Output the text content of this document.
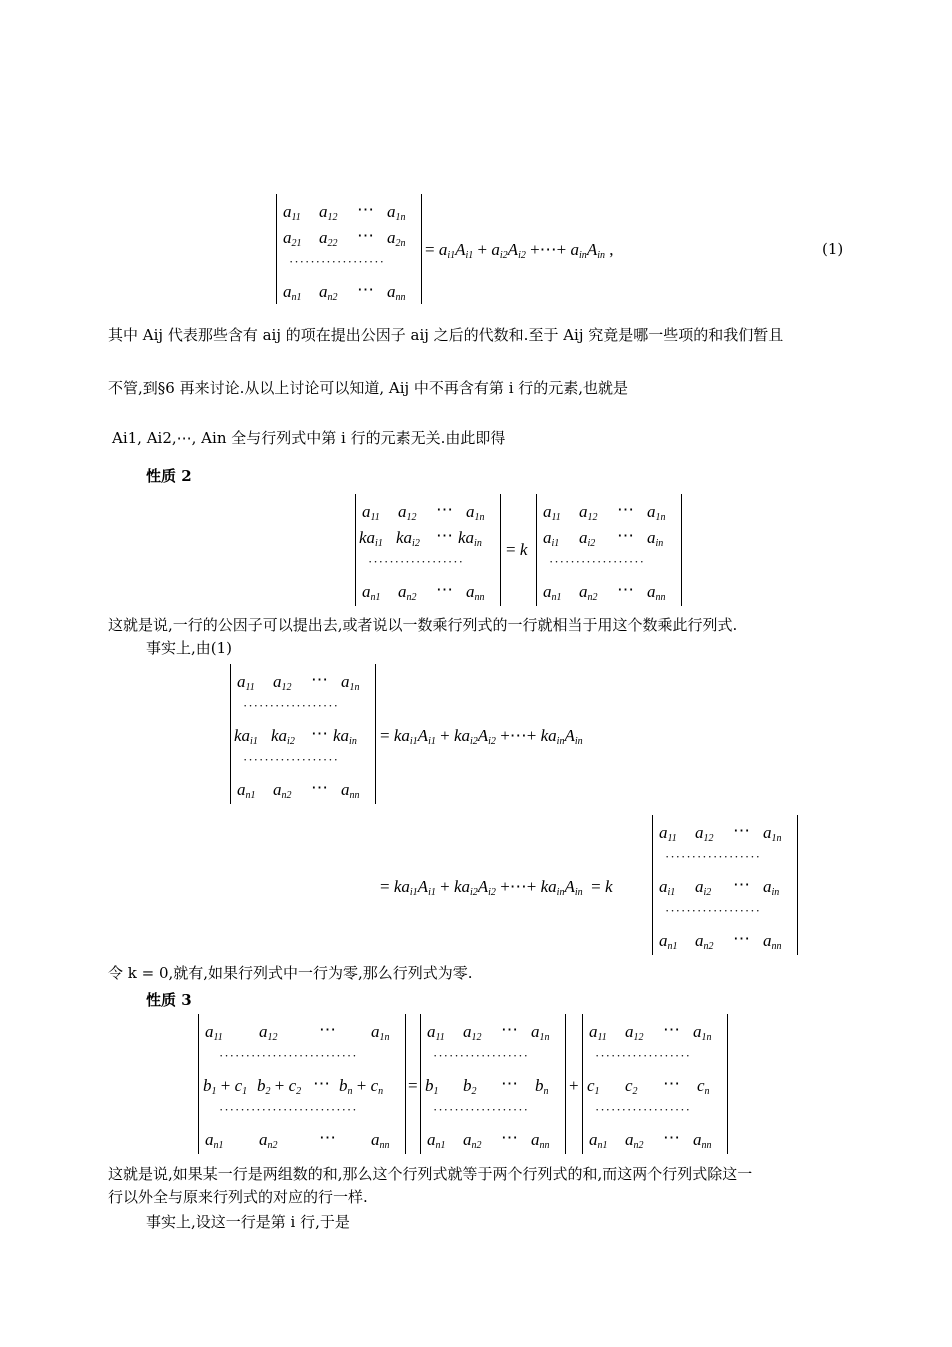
$a_{11}$ $a_{12}$ ⋯ $a_{1n}$
$a_{21}$ $a_{22}$ ⋯ $a_{2n}$
··················
$a_{n1}$ $a_{n2}$ ⋯ $a_{nn}$
= $a_{i1}A_{i1} + a_{i2}A_{i2}$ +⋯+ $a_{in}A_{in}$ ,	(1)
其中 Aij 代表那些含有 aij 的项在提出公因子 aij 之后的代数和.至于 Aij 究竟是哪一些项的和我们暂且
不管,到§6 再来讨论.从以上讨论可以知道, Aij 中不再含有第 i 行的元素,也就是
Ai1, Ai2,⋯, Ain 全与行列式中第 i 行的元素无关.由此即得
性质 2
$a_{11}$ $a_{12}$ ⋯ $a_{1n}$
$ka_{i1}$ $ka_{i2}$ ⋯ $ka_{in}$
··················
$a_{n1}$ $a_{n2}$ ⋯ $a_{nn}$
= k
$a_{11}$ $a_{12}$ ⋯ $a_{1n}$
$a_{i1}$ $a_{i2}$ ⋯ $a_{in}$
··················
$a_{n1}$ $a_{n2}$ ⋯ $a_{nn}$
这就是说,一行的公因子可以提出去,或者说以一数乘行列式的一行就相当于用这个数乘此行列式.
事实上,由(1)
$a_{11}$ $a_{12}$ ⋯ $a_{1n}$
··················
$ka_{i1}$ $ka_{i2}$ ⋯ $ka_{in}$
··················
$a_{n1}$ $a_{n2}$ ⋯ $a_{nn}$
= $ka_{i1}A_{i1} + ka_{i2}A_{i2}$ +⋯+ $ka_{in}A_{in}$
= $ka_{i1}A_{i1} + ka_{i2}A_{i2}$ +⋯+ $ka_{in}A_{in} = k$
$a_{11}$ $a_{12}$ ⋯ $a_{1n}$
··················
$a_{i1}$ $a_{i2}$ ⋯ $a_{in}$
··················
$a_{n1}$ $a_{n2}$ ⋯ $a_{nn}$
令 k = 0,就有,如果行列式中一行为零,那么行列式为零.
性质 3
$a_{11}$ $a_{12}$ ⋯ $a_{1n}$
··························
$b_1 + c_1$ $b_2 + c_2$ ⋯ $b_n + c_n$
··························
$a_{n1}$ $a_{n2}$ ⋯ $a_{nn}$
=
$a_{11}$ $a_{12}$ ⋯ $a_{1n}$
··················
$b_1$ $b_2$ ⋯ $b_n$
··················
$a_{n1}$ $a_{n2}$ ⋯ $a_{nn}$
+
$a_{11}$ $a_{12}$ ⋯ $a_{1n}$
··················
$c_1$ $c_2$ ⋯ $c_n$
··················
$a_{n1}$ $a_{n2}$ ⋯ $a_{nn}$
这就是说,如果某一行是两组数的和,那么这个行列式就等于两个行列式的和,而这两个行列式除这一
行以外全与原来行列式的对应的行一样.
事实上,设这一行是第 i 行,于是
